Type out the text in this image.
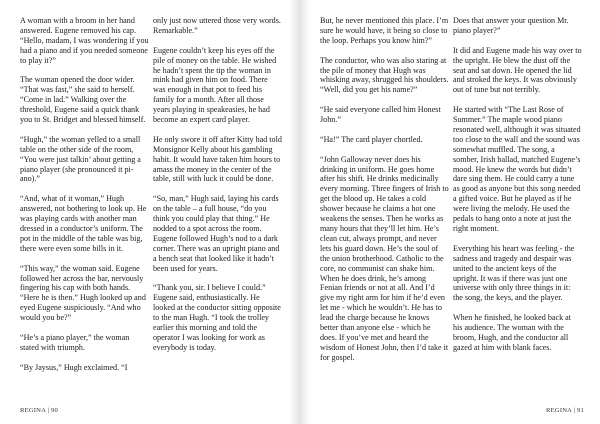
A woman with a broom in her hand answered. Eugene removed his cap. “Hello, madam, I was wondering if you had a piano and if you needed someone to play it?”

The woman opened the door wider. “That was fast,” she said to herself. “Come in lad.” Walking over the threshold, Eugene said a quick thank you to St. Bridget and blessed himself.

“Hugh,” the woman yelled to a small table on the other side of the room, “You were just talkin’ about getting a piano player (she pronounced it pi-ano).”

“And, what of it woman,” Hugh answered, not bothering to look up. He was playing cards with another man dressed in a conductor’s uniform. The pot in the middle of the table was big, there were even some bills in it.

“This way,” the woman said. Eugene followed her across the bar, nervously fingering his cap with both hands. “Here he is then.” Hugh looked up and eyed Eugene suspiciously. “And who would you be?”

“He’s a piano player,” the woman stated with triumph.

“By Jaysus,” Hugh exclaimed. “I

only just now uttered those very words. Remarkable.”

Eugene couldn’t keep his eyes off the pile of money on the table. He wished he hadn’t spent the tip the woman in mink had given him on food. There was enough in that pot to feed his family for a month. After all those years playing in speakeasies, he had become an expert card player.

He only swore it off after Kitty had told Monsignor Kelly about his gambling habit. It would have taken him hours to amass the money in the center of the table, still with luck it could be done.

“So, man,” Hugh said, laying his cards on the table – a full house, “do you think you could play that thing.” He nodded to a spot across the room. Eugene followed Hugh’s nod to a dark corner. There was an upright piano and a bench seat that looked like it hadn’t been used for years.

“Thank you, sir. I believe I could.” Eugene said, enthusiastically. He looked at the conductor sitting opposite to the man Hugh. “I took the trolley earlier this morning and told the operator I was looking for work as everybody is today.

REGINA | 90

But, he never mentioned this place. I’m sure he would have, it being so close to the loop. Perhaps you know him?”

The conductor, who was also staring at the pile of money that Hugh was whisking away, shrugged his shoulders. “Well, did you get his name?”

“He said everyone called him Honest John.”

“Ha!” The card player chortled.

“John Galloway never does his drinking in uniform. He goes home after his shift. He drinks medicinally every morning. Three fingers of Irish to get the blood up. He takes a cold shower because he claims a hot one weakens the senses. Then he works as many hours that they’ll let him. He’s clean cut, always prompt, and never lets his guard down. He’s the soul of the union brotherhood. Catholic to the core, no communist can shake him. When he does drink, he’s among Fenian friends or not at all. And I’d give my right arm for him if he’d even let me - which he wouldn’t. He has to lead the charge because he knows better than anyone else - which he does. If you’ve met and heard the wisdom of Honest John, then I’d take it for gospel.

Does that answer your question Mr. piano player?”

It did and Eugene made his way over to the upright. He blew the dust off the seat and sat down. He opened the lid and stroked the keys. It was obviously out of tune but not terribly.

He started with “The Last Rose of Summer.” The maple wood piano resonated well, although it was situated too close to the wall and the sound was somewhat muffled. The song, a somber, Irish ballad, matched Eugene’s mood. He knew the words but didn’t dare sing them. He could carry a tune as good as anyone but this song needed a gifted voice. But he played as if he were living the melody. He used the pedals to hang onto a note at just the right moment.

Everything his heart was feeling - the sadness and tragedy and despair was united to the ancient keys of the upright. It was if there was just one universe with only three things in it: the song, the keys, and the player.

When he finished, he looked back at his audience. The woman with the broom, Hugh, and the conductor all gazed at him with blank faces.

REGINA | 91
